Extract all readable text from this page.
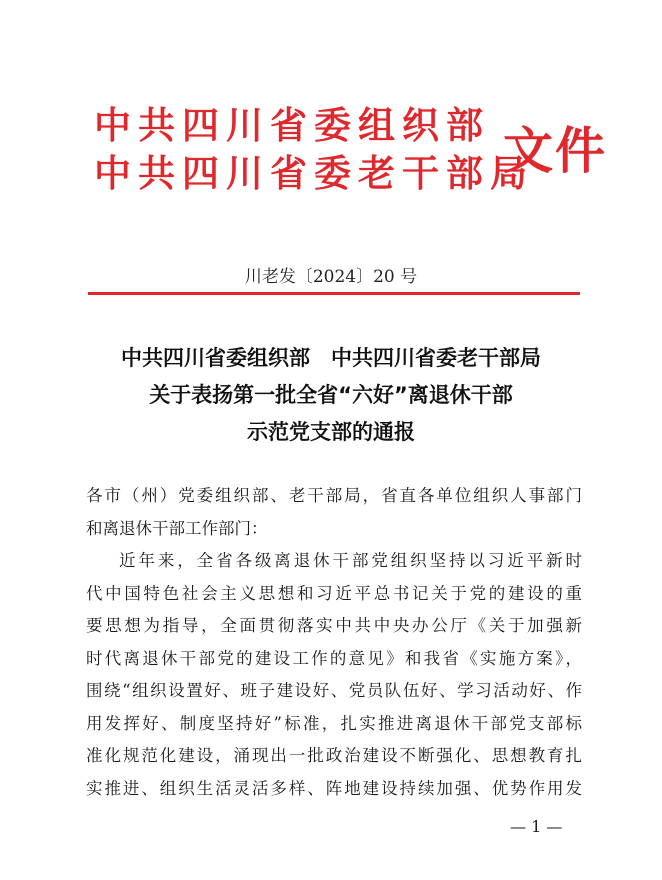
中共四川省委组织部
中共四川省委老干部局
文件
川老发〔2024〕20 号
中共四川省委组织部　中共四川省委老干部局
关于表扬第一批全省“六好”离退休干部
示范党支部的通报
各市（州）党委组织部、老干部局，省直各单位组织人事部门
和离退休干部工作部门：
近年来，全省各级离退休干部党组织坚持以习近平新时
代中国特色社会主义思想和习近平总书记关于党的建设的重
要思想为指导，全面贯彻落实中共中央办公厅《关于加强新
时代离退休干部党的建设工作的意见》和我省《实施方案》，
围绕“组织设置好、班子建设好、党员队伍好、学习活动好、作
用发挥好、制度坚持好”标准，扎实推进离退休干部党支部标
准化规范化建设，涌现出一批政治建设不断强化、思想教育扎
实推进、组织生活灵活多样、阵地建设持续加强、优势作用发
— 1 —
